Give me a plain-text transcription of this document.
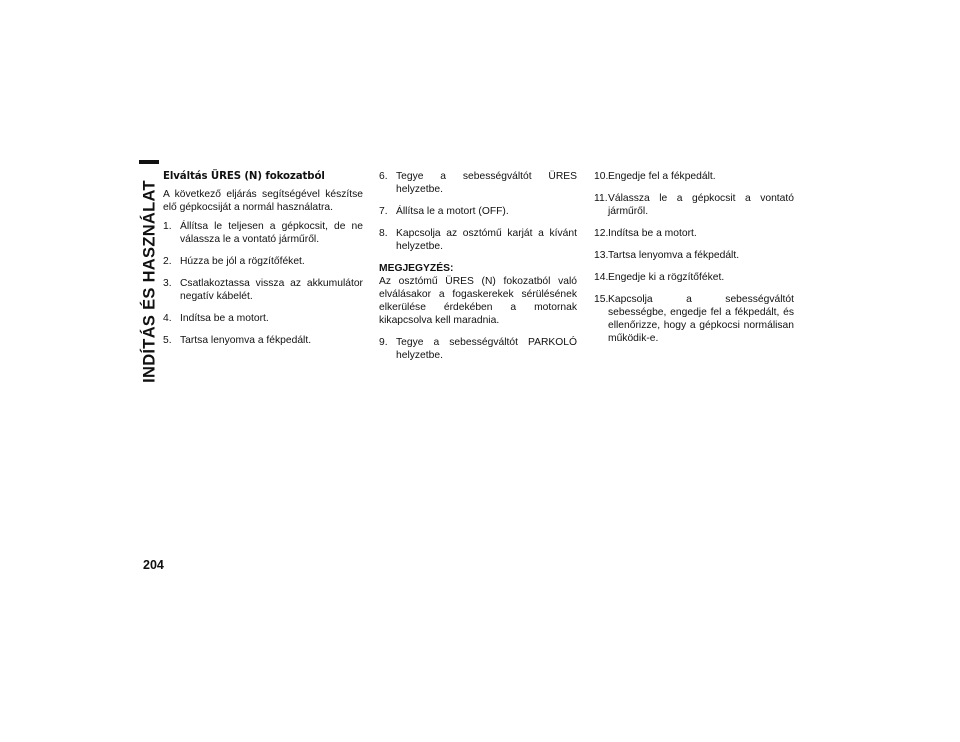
INDÍTÁS ÉS HASZNÁLAT
Elváltás ÜRES (N) fokozatból

A következő eljárás segítségével készítse elő gépkocsiját a normál használatra.

1. Állítsa le teljesen a gépkocsit, de ne válassza le a vontató járműről.
2. Húzza be jól a rögzítőféket.
3. Csatlakoztassa vissza az akkumulátor negatív kábelét.
4. Indítsa be a motort.
5. Tartsa lenyomva a fékpedált.
6. Tegye a sebességváltót ÜRES helyzetbe.
7. Állítsa le a motort (OFF).
8. Kapcsolja az osztómű karját a kívánt helyzetbe.
MEGJEGYZÉS:
Az osztómű ÜRES (N) fokozatból való elválásakor a fogaskerekek sérülésének elkerülése érdekében a motornak kikapcsolva kell maradnia.
9. Tegye a sebességváltót PARKOLÓ helyzetbe.
10. Engedje fel a fékpedált.
11. Válassza le a gépkocsit a vontató járműről.
12. Indítsa be a motort.
13. Tartsa lenyomva a fékpedált.
14. Engedje ki a rögzítőféket.
15. Kapcsolja a sebességváltót sebességbe, engedje fel a fékpedált, és ellenőrizze, hogy a gépkocsi normálisan működik-e.
204
